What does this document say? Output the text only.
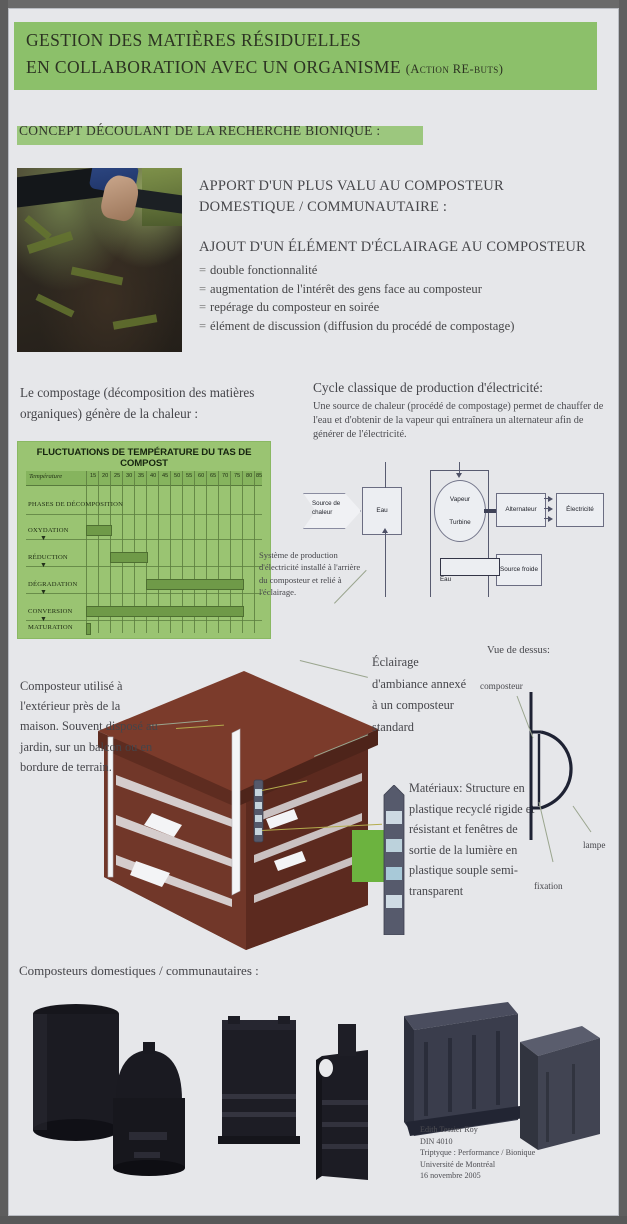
GESTION DES MATIÈRES RÉSIDUELLES
EN COLLABORATION AVEC UN ORGANISME (Action RE-buts)
CONCEPT DÉCOULANT DE LA RECHERCHE BIONIQUE :
APPORT D'UN PLUS VALU AU COMPOSTEUR
DOMESTIQUE / COMMUNAUTAIRE :
AJOUT D'UN ÉLÉMENT D'ÉCLAIRAGE AU COMPOSTEUR
= double fonctionnalité
= augmentation de l'intérêt des gens face au composteur
= repérage du composteur en soirée
= élément de discussion (diffusion du procédé de compostage)
Le compostage (décomposition des matières
organiques) génère de la chaleur :
Cycle classique de production d'électricité:
Une source de chaleur (procédé de compostage) permet de chauffer de l'eau et d'obtenir de la vapeur qui entraînera un alternateur afin de générer de l'électricité.
FLUCTUATIONS DE TEMPÉRATURE DU TAS DE COMPOST
Température	15 20 25 30 35 40 45 50 55 60 65 70 75 80 85
PHASES DE DÉCOMPOSITION
OXYDATION
▼
RÉDUCTION
▼
DÉGRADATION
▼
CONVERSION
▼
MATURATION
Source de chaleur	Eau
Vapeur
Turbine
Alternateur	Électricité
Source froide
Eau
Système de production d'électricité installé à l'arrière du composteur et relié à l'éclairage.
Composteur utilisé à l'extérieur près de la maison. Souvent disposé au jardin, sur un balcon ou en bordure de terrain.
Éclairage d'ambiance annexé à un composteur standard
Matériaux: Structure en plastique recyclé rigide et résistant et fenêtres de sortie de la lumière en plastique souple semi-transparent
Vue de dessus:
composteur
lampe
fixation
Composteurs domestiques / communautaires :
Edith Tessier Roy
DIN 4010
Triptyque : Performance / Bionique
Université de Montréal
16 novembre 2005
